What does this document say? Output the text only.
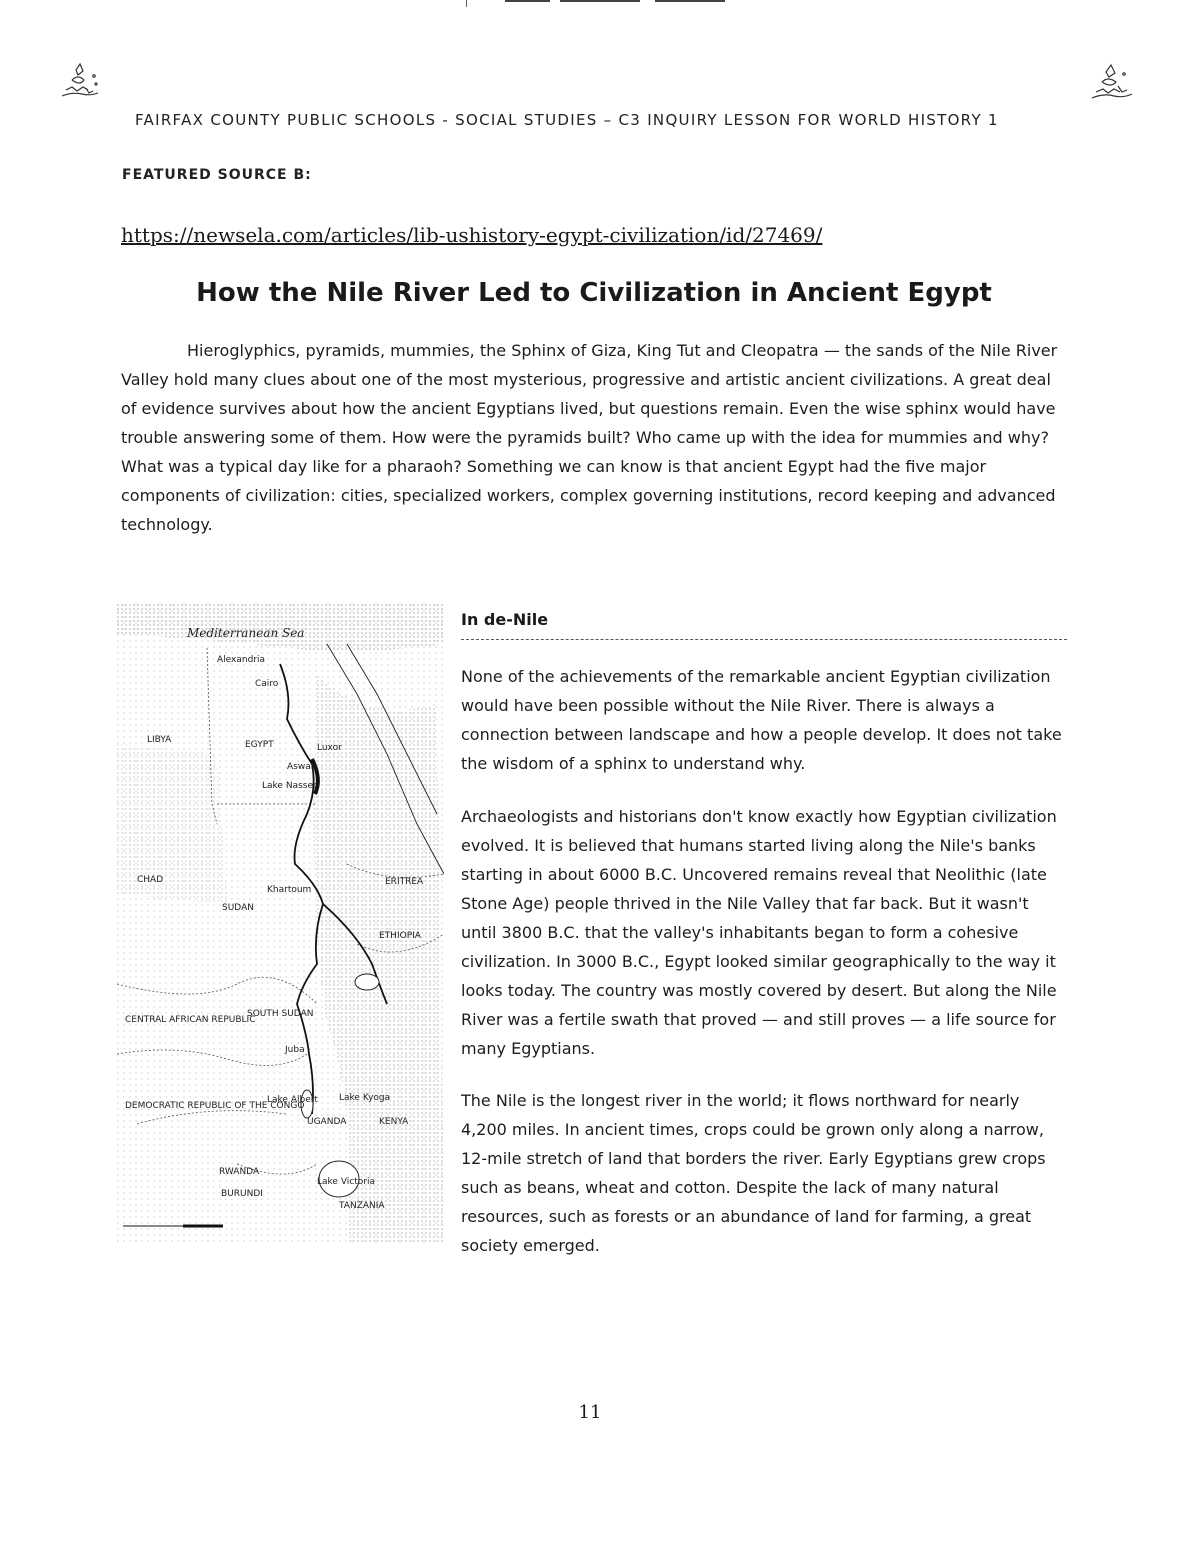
FAIRFAX COUNTY PUBLIC SCHOOLS - SOCIAL STUDIES – C3 INQUIRY LESSON FOR WORLD HISTORY 1
FEATURED SOURCE B:
https://newsela.com/articles/lib-ushistory-egypt-civilization/id/27469/
How the Nile River Led to Civilization in Ancient Egypt

Hieroglyphics, pyramids, mummies, the Sphinx of Giza, King Tut and Cleopatra — the sands of the Nile River Valley hold many clues about one of the most mysterious, progressive and artistic ancient civilizations. A great deal of evidence survives about how the ancient Egyptians lived, but questions remain. Even the wise sphinx would have trouble answering some of them. How were the pyramids built? Who came up with the idea for mummies and why? What was a typical day like for a pharaoh? Something we can know is that ancient Egypt had the five major components of civilization: cities, specialized workers, complex governing institutions, record keeping and advanced technology.

Mediterranean Sea
Alexandria
Cairo
LIBYA	EGYPT	Luxor
Aswan
Lake Nasser
CHAD
Khartoum
ERITREA
SUDAN
ETHIOPIA
CENTRAL AFRICAN REPUBLIC
SOUTH SUDAN
Juba
Lake Albert Lake Kyoga
DEMOCRATIC REPUBLIC OF THE CONGO
UGANDA	KENYA
RWANDA
BURUNDI
Lake Victoria
TANZANIA
In de-Nile

None of the achievements of the remarkable ancient Egyptian civilization would have been possible without the Nile River. There is always a connection between landscape and how a people develop. It does not take the wisdom of a sphinx to understand why.

Archaeologists and historians don't know exactly how Egyptian civilization evolved. It is believed that humans started living along the Nile's banks starting in about 6000 B.C. Uncovered remains reveal that Neolithic (late Stone Age) people thrived in the Nile Valley that far back. But it wasn't until 3800 B.C. that the valley's inhabitants began to form a cohesive civilization. In 3000 B.C., Egypt looked similar geographically to the way it looks today. The country was mostly covered by desert. But along the Nile River was a fertile swath that proved — and still proves — a life source for many Egyptians.

The Nile is the longest river in the world; it flows northward for nearly 4,200 miles. In ancient times, crops could be grown only along a narrow, 12-mile stretch of land that borders the river. Early Egyptians grew crops such as beans, wheat and cotton. Despite the lack of many natural resources, such as forests or an abundance of land for farming, a great society emerged.

11
